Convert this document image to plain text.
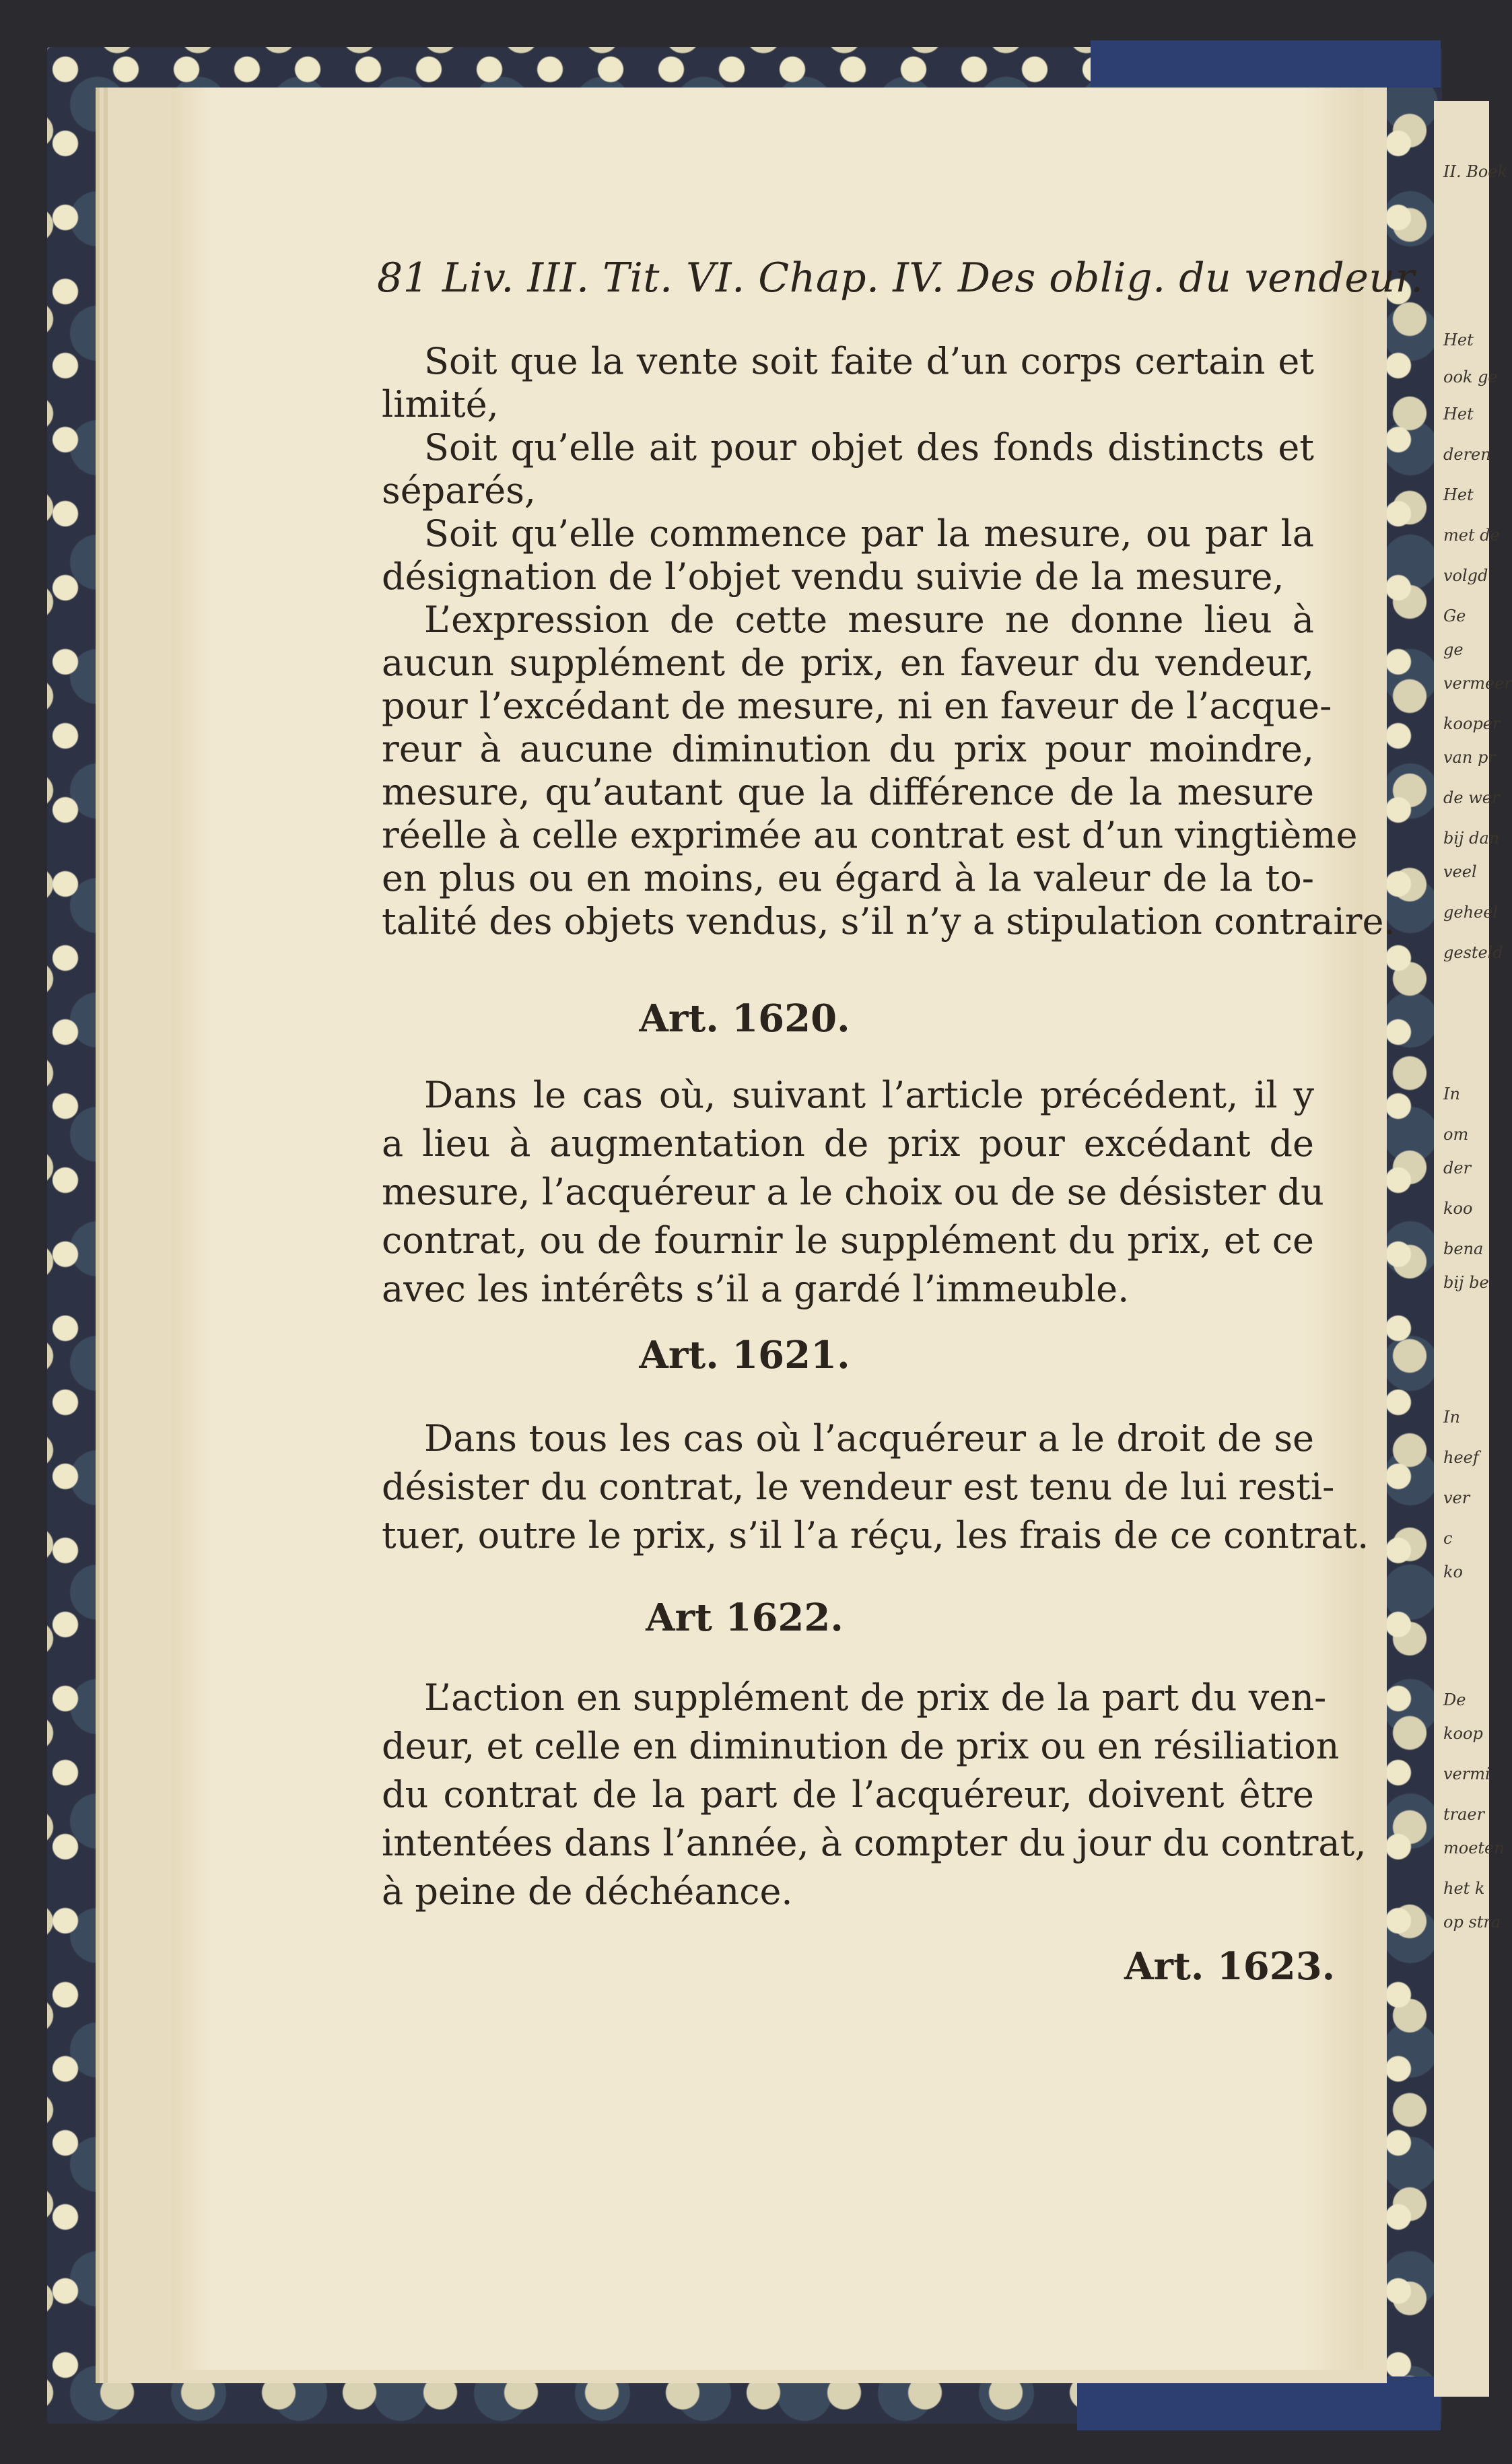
II. Boek
Het
ook ge
Het
deren
Het
met de
volgd
Ge
ge
vermeer
kooper
van pr
de wer
bij dan
veel
geheel
gesteld
In
om
der
koo
bena
bij be
In
heef
ver
c
ko
De
koop
vermi
traer
moeten
het k
op stra
81 Liv. III. Tit. VI. Chap. IV. Des oblig. du vendeur.
Soit que la vente soit faite d’un corps certain et
limité,
Soit qu’elle ait pour objet des fonds distincts et
séparés,
Soit qu’elle commence par la mesure, ou par la
désignation de l’objet vendu suivie de la mesure,
L’expression de cette mesure ne donne lieu à
aucun supplément de prix, en faveur du vendeur,
pour l’excédant de mesure, ni en faveur de l’acque-
reur à aucune diminution du prix pour moindre,
mesure, qu’autant que la différence de la mesure
réelle à celle exprimée au contrat est d’un vingtième
en plus ou en moins, eu égard à la valeur de la to-
talité des objets vendus, s’il n’y a stipulation contraire.
Art. 1620.
Dans le cas où, suivant l’article précédent, il y
a lieu à augmentation de prix pour excédant de
mesure, l’acquéreur a le choix ou de se désister du
contrat, ou de fournir le supplément du prix, et ce
avec les intérêts s’il a gardé l’immeuble.
Art. 1621.
Dans tous les cas où l’acquéreur a le droit de se
désister du contrat, le vendeur est tenu de lui resti-
tuer, outre le prix, s’il l’a réçu, les frais de ce contrat.
Art 1622.
L’action en supplément de prix de la part du ven-
deur, et celle en diminution de prix ou en résiliation
du contrat de la part de l’acquéreur, doivent être
intentées dans l’année, à compter du jour du contrat,
à peine de déchéance.
Art. 1623.
